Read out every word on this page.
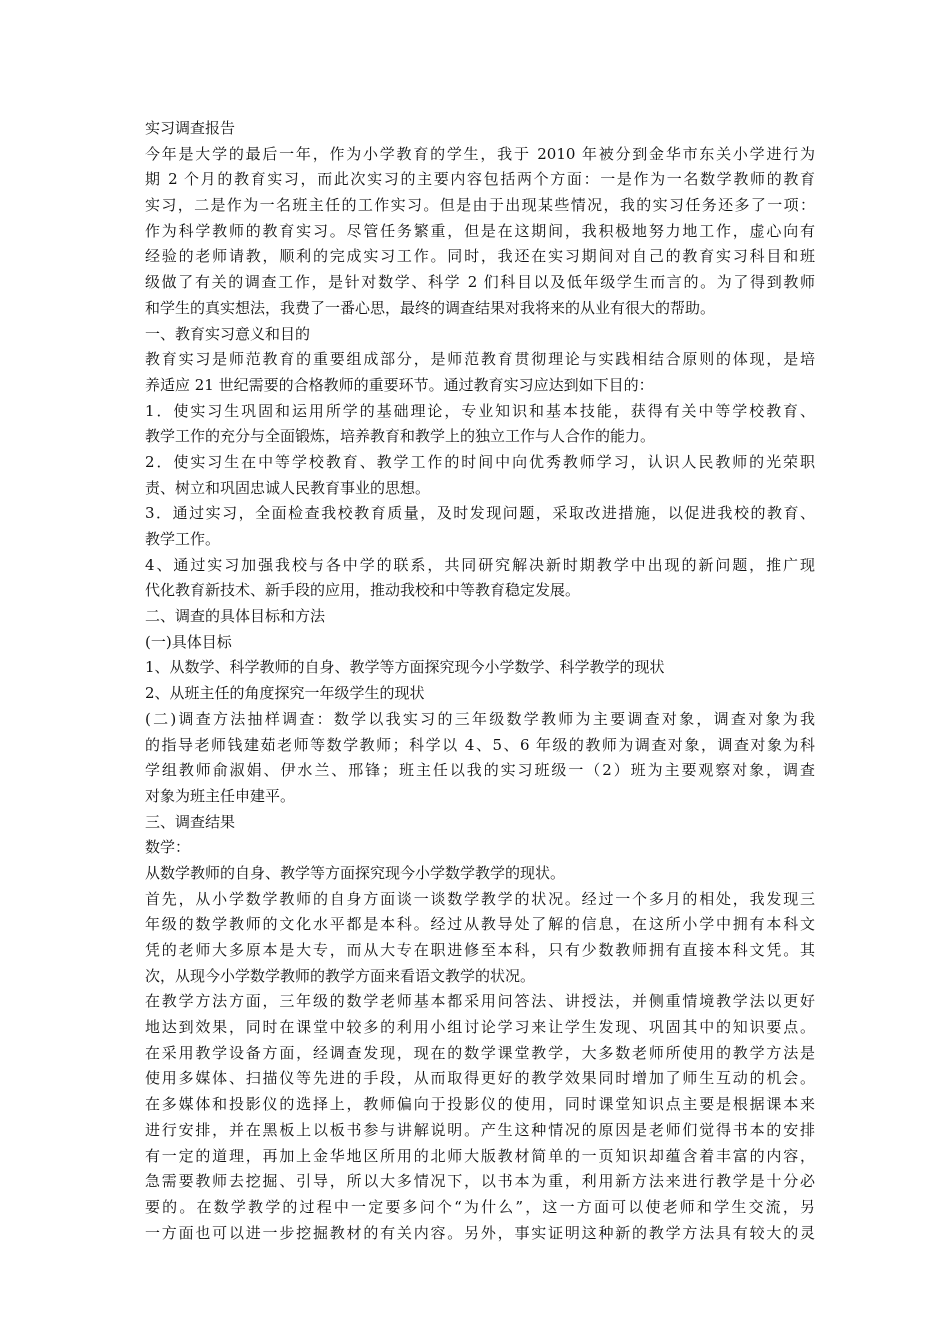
实习调查报告
今年是大学的最后一年，作为小学教育的学生，我于 2010 年被分到金华市东关小学进行为
期 2 个月的教育实习，而此次实习的主要内容包括两个方面：一是作为一名数学教师的教育
实习，二是作为一名班主任的工作实习。但是由于出现某些情况，我的实习任务还多了一项：
作为科学教师的教育实习。尽管任务繁重，但是在这期间，我积极地努力地工作，虚心向有
经验的老师请教，顺利的完成实习工作。同时，我还在实习期间对自己的教育实习科目和班
级做了有关的调查工作，是针对数学、科学 2 们科目以及低年级学生而言的。为了得到教师
和学生的真实想法，我费了一番心思，最终的调查结果对我将来的从业有很大的帮助。
一、教育实习意义和目的
教育实习是师范教育的重要组成部分，是师范教育贯彻理论与实践相结合原则的体现，是培
养适应 21 世纪需要的合格教师的重要环节。通过教育实习应达到如下目的：
1．使实习生巩固和运用所学的基础理论，专业知识和基本技能，获得有关中等学校教育、
教学工作的充分与全面锻炼，培养教育和教学上的独立工作与人合作的能力。
2．使实习生在中等学校教育、教学工作的时间中向优秀教师学习，认识人民教师的光荣职
责、树立和巩固忠诚人民教育事业的思想。
3．通过实习，全面检查我校教育质量，及时发现问题，采取改进措施，以促进我校的教育、
教学工作。
4、通过实习加强我校与各中学的联系，共同研究解决新时期教学中出现的新问题，推广现
代化教育新技术、新手段的应用，推动我校和中等教育稳定发展。
二、调查的具体目标和方法
(一)具体目标
1、从数学、科学教师的自身、教学等方面探究现今小学数学、科学教学的现状
2、从班主任的角度探究一年级学生的现状
(二)调查方法抽样调查：数学以我实习的三年级数学教师为主要调查对象，调查对象为我
的指导老师钱建茹老师等数学教师；科学以 4、5、6 年级的教师为调查对象，调查对象为科
学组教师俞淑娟、伊水兰、邢锋；班主任以我的实习班级一（2）班为主要观察对象，调查
对象为班主任申建平。
三、调查结果
数学：
从数学教师的自身、教学等方面探究现今小学数学教学的现状。
首先，从小学数学教师的自身方面谈一谈数学教学的状况。经过一个多月的相处，我发现三
年级的数学教师的文化水平都是本科。经过从教导处了解的信息，在这所小学中拥有本科文
凭的老师大多原本是大专，而从大专在职进修至本科，只有少数教师拥有直接本科文凭。其
次，从现今小学数学教师的教学方面来看语文教学的状况。
在教学方法方面，三年级的数学老师基本都采用问答法、讲授法，并侧重情境教学法以更好
地达到效果，同时在课堂中较多的利用小组讨论学习来让学生发现、巩固其中的知识要点。
在采用教学设备方面，经调查发现，现在的数学课堂教学，大多数老师所使用的教学方法是
使用多媒体、扫描仪等先进的手段，从而取得更好的教学效果同时增加了师生互动的机会。
在多媒体和投影仪的选择上，教师偏向于投影仪的使用，同时课堂知识点主要是根据课本来
进行安排，并在黑板上以板书参与讲解说明。产生这种情况的原因是老师们觉得书本的安排
有一定的道理，再加上金华地区所用的北师大版教材简单的一页知识却蕴含着丰富的内容，
急需要教师去挖掘、引导，所以大多情况下，以书本为重，利用新方法来进行教学是十分必
要的。在数学教学的过程中一定要多问个“为什么”，这一方面可以使老师和学生交流，另
一方面也可以进一步挖掘教材的有关内容。另外，事实证明这种新的教学方法具有较大的灵
